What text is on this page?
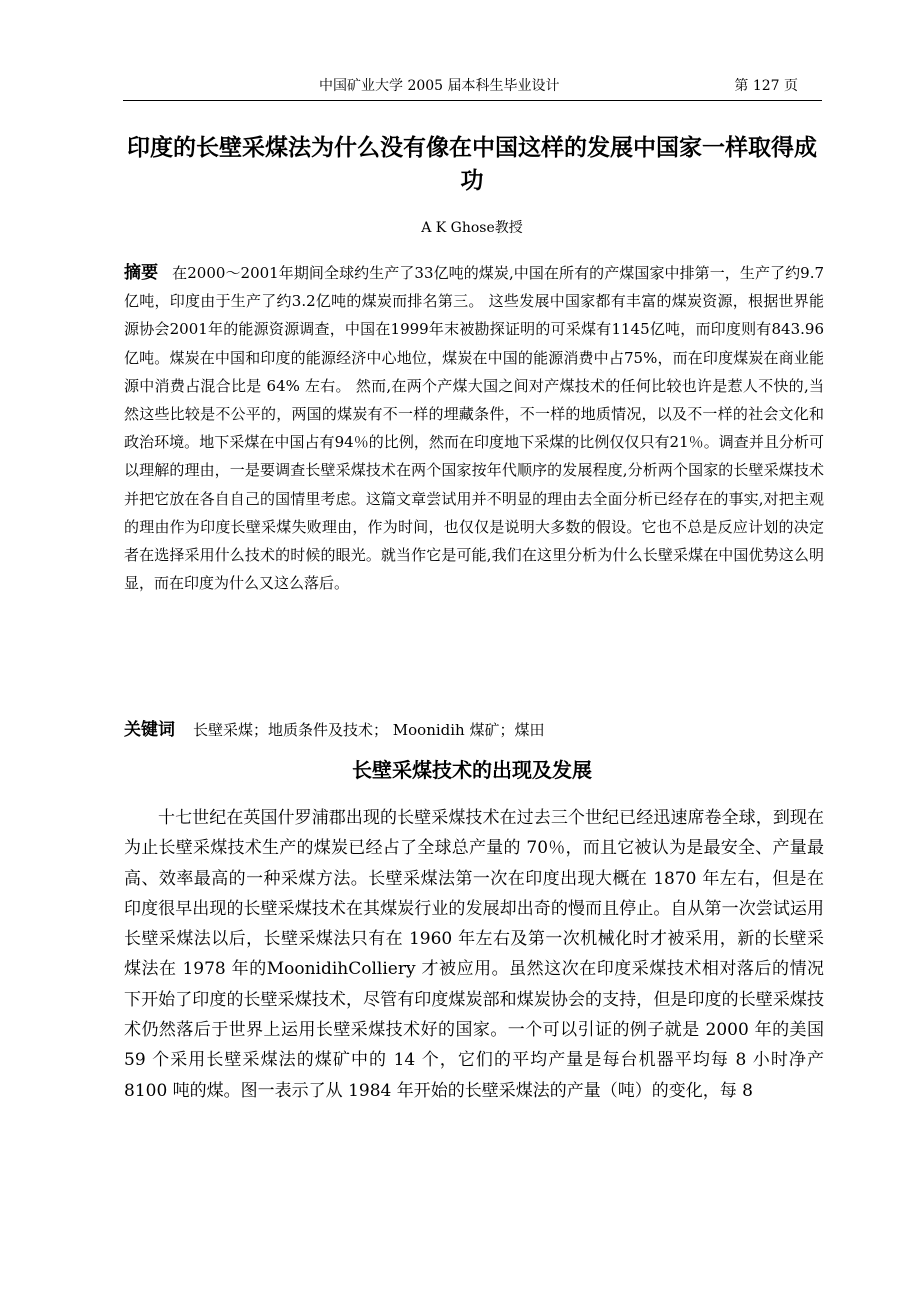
中国矿业大学 2005 届本科生毕业设计	第 127 页
印度的长壁采煤法为什么没有像在中国这样的发展中国家一样取得成功
A K Ghose教授

摘要 在2000～2001年期间全球约生产了33亿吨的煤炭,中国在所有的产煤国家中排第一，生产了约9.7亿吨，印度由于生产了约3.2亿吨的煤炭而排名第三。 这些发展中国家都有丰富的煤炭资源，根据世界能源协会2001年的能源资源调查，中国在1999年末被勘探证明的可采煤有1145亿吨，而印度则有843.96亿吨。煤炭在中国和印度的能源经济中心地位，煤炭在中国的能源消费中占75%，而在印度煤炭在商业能源中消费占混合比是 64% 左右。 然而,在两个产煤大国之间对产煤技术的任何比较也许是惹人不快的,当然这些比较是不公平的，两国的煤炭有不一样的埋藏条件，不一样的地质情况，以及不一样的社会文化和政治环境。地下采煤在中国占有94％的比例，然而在印度地下采煤的比例仅仅只有21％。调查并且分析可以理解的理由，一是要调查长壁采煤技术在两个国家按年代顺序的发展程度,分析两个国家的长壁采煤技术并把它放在各自自己的国情里考虑。这篇文章尝试用并不明显的理由去全面分析已经存在的事实,对把主观的理由作为印度长壁采煤失败理由，作为时间，也仅仅是说明大多数的假设。它也不总是反应计划的决定者在选择采用什么技术的时候的眼光。就当作它是可能,我们在这里分析为什么长壁采煤在中国优势这么明显，而在印度为什么又这么落后。

关键词 长壁采煤；地质条件及技术； Moonidih 煤矿；煤田

长壁采煤技术的出现及发展

十七世纪在英国什罗浦郡出现的长壁采煤技术在过去三个世纪已经迅速席卷全球，到现在为止长壁采煤技术生产的煤炭已经占了全球总产量的 70％，而且它被认为是最安全、产量最高、效率最高的一种采煤方法。长壁采煤法第一次在印度出现大概在 1870 年左右，但是在印度很早出现的长壁采煤技术在其煤炭行业的发展却出奇的慢而且停止。自从第一次尝试运用长壁采煤法以后，长壁采煤法只有在 1960 年左右及第一次机械化时才被采用，新的长壁采煤法在 1978 年的MoonidihColliery 才被应用。虽然这次在印度采煤技术相对落后的情况下开始了印度的长壁采煤技术，尽管有印度煤炭部和煤炭协会的支持，但是印度的长壁采煤技术仍然落后于世界上运用长壁采煤技术好的国家。一个可以引证的例子就是 2000 年的美国 59 个采用长壁采煤法的煤矿中的 14 个，它们的平均产量是每台机器平均每 8 小时净产 8100 吨的煤。图一表示了从 1984 年开始的长壁采煤法的产量（吨）的变化，每 8
